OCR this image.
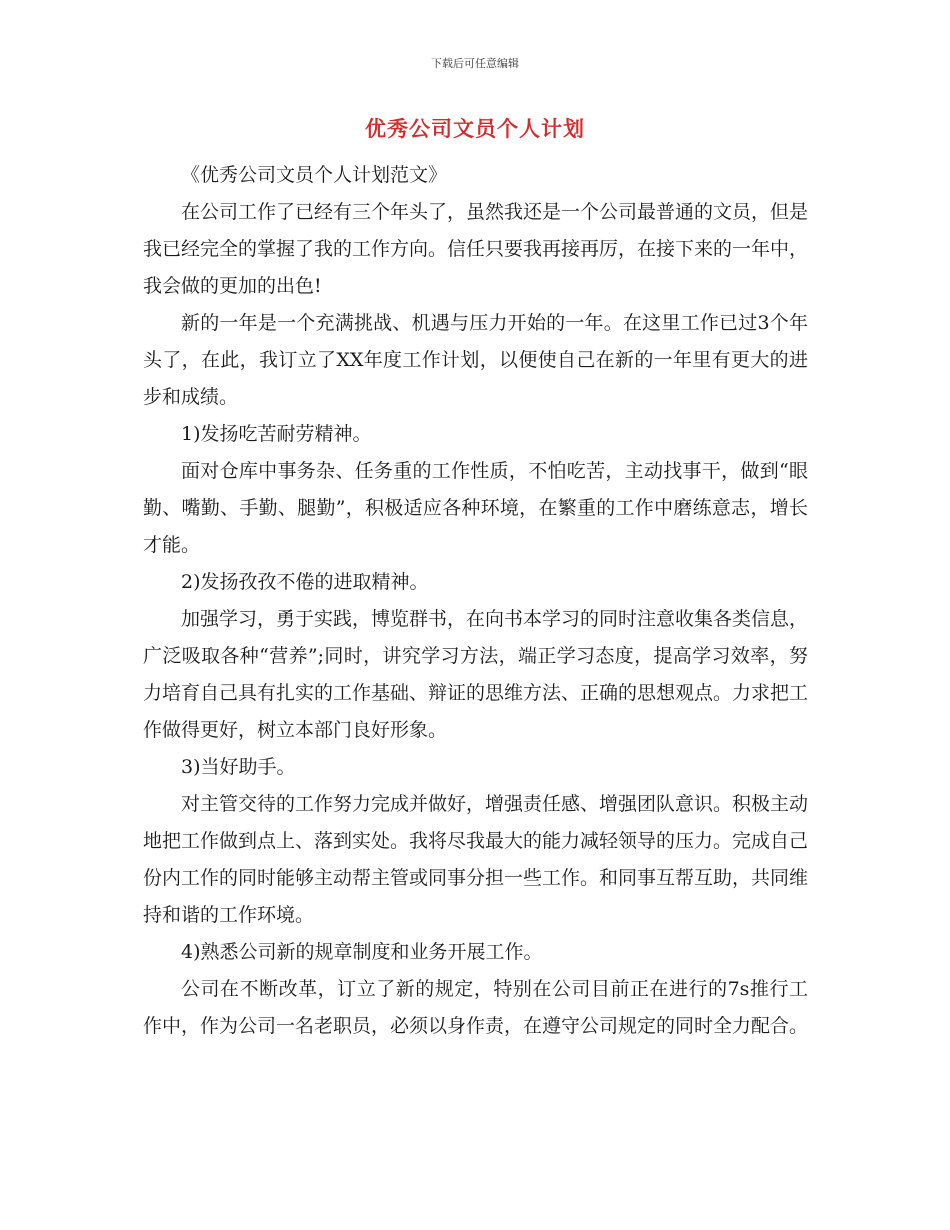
下载后可任意编辑
优秀公司文员个人计划

《优秀公司文员个人计划范文》

在公司工作了已经有三个年头了，虽然我还是一个公司最普通的文员，但是我已经完全的掌握了我的工作方向。信任只要我再接再厉，在接下来的一年中，我会做的更加的出色!

新的一年是一个充满挑战、机遇与压力开始的一年。在这里工作已过3个年头了，在此，我订立了XX年度工作计划，以便使自己在新的一年里有更大的进步和成绩。

1)发扬吃苦耐劳精神。

面对仓库中事务杂、任务重的工作性质，不怕吃苦，主动找事干，做到“眼勤、嘴勤、手勤、腿勤”，积极适应各种环境，在繁重的工作中磨练意志，增长才能。

2)发扬孜孜不倦的进取精神。

加强学习，勇于实践，博览群书，在向书本学习的同时注意收集各类信息，广泛吸取各种“营养”;同时，讲究学习方法，端正学习态度，提高学习效率，努力培育自己具有扎实的工作基础、辩证的思维方法、正确的思想观点。力求把工作做得更好，树立本部门良好形象。

3)当好助手。

对主管交待的工作努力完成并做好，增强责任感、增强团队意识。积极主动地把工作做到点上、落到实处。我将尽我最大的能力减轻领导的压力。完成自己份内工作的同时能够主动帮主管或同事分担一些工作。和同事互帮互助，共同维持和谐的工作环境。

4)熟悉公司新的规章制度和业务开展工作。

公司在不断改革，订立了新的规定，特别在公司目前正在进行的7s推行工作中，作为公司一名老职员，必须以身作责，在遵守公司规定的同时全力配合。
